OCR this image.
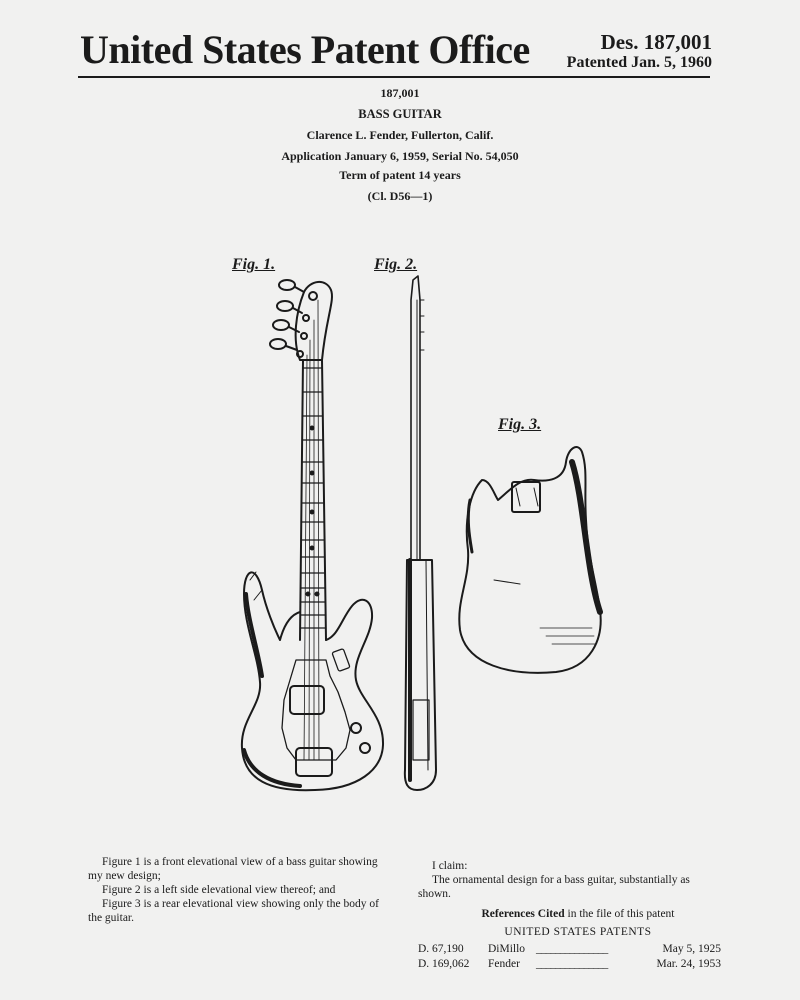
United States Patent Office	Des. 187,001
Patented Jan. 5, 1960
187,001
BASS GUITAR
Clarence L. Fender, Fullerton, Calif.
Application January 6, 1959, Serial No. 54,050
Term of patent 14 years
(Cl. D56—1)
Fig. 1.	Fig. 2.
Fig. 3.

Figure 1 is a front elevational view of a bass guitar showing my new design;

Figure 2 is a left side elevational view thereof; and

Figure 3 is a rear elevational view showing only the body of the guitar.

I claim:

The ornamental design for a bass guitar, substantially as shown.

References Cited in the file of this patent
UNITED STATES PATENTS
D. 67,190 DiMillo _______________	May 5, 1925
D. 169,062 Fender _______________	Mar. 24, 1953
